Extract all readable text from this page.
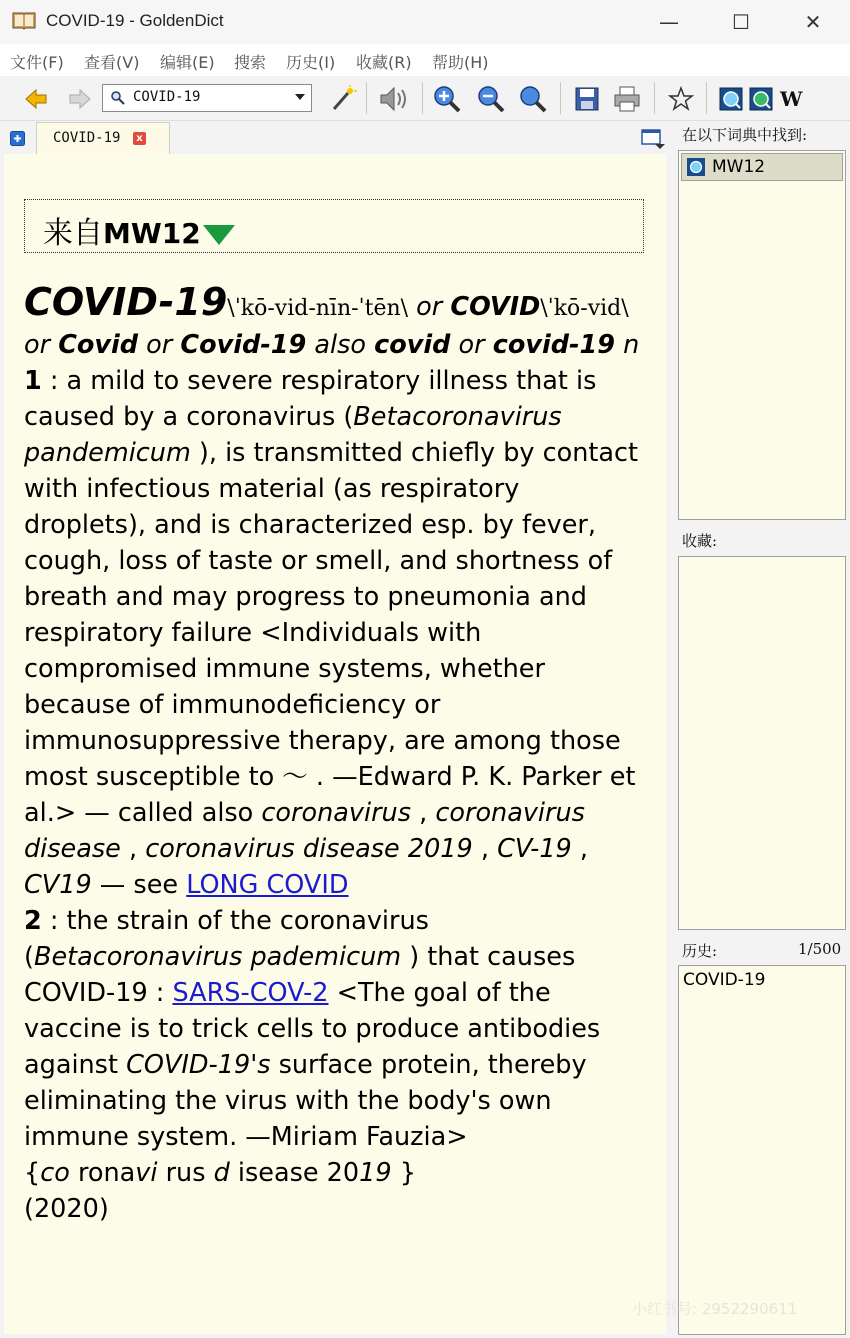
COVID-19 - GoldenDict	—	☐	✕
文件(F) 查看(V) 编辑(E) 搜索 历史(I) 收藏(R) 帮助(H)
COVID-19	W
COVID-19	x
来自MW12
COVID-19\ˈkō-vid-nīn-ˈtēn\ or COVID\ˈkō-vid\ or Covid or Covid-19 also covid or covid-19 n
1 : a mild to severe respiratory illness that is caused by a coronavirus (Betacoronavirus pandemicum ), is transmitted chiefly by contact with infectious material (as respiratory droplets), and is characterized esp. by fever, cough, loss of taste or smell, and shortness of breath and may progress to pneumonia and respiratory failure <Individuals with compromised immune systems, whether because of immunodeficiency or immunosuppressive therapy, are among those most susceptible to ～ . —Edward P. K. Parker et al.> — called also coronavirus , coronavirus disease , coronavirus disease 2019 , CV-19 , CV19 — see LONG COVID
2 : the strain of the coronavirus (Betacoronavirus pademicum ) that causes COVID-19 : SARS-COV-2 <The goal of the vaccine is to trick cells to produce antibodies against COVID-19's surface protein, thereby eliminating the virus with the body's own immune system. —Miriam Fauzia>
{co ronavi rus d isease 2019 }
(2020)
在以下词典中找到:
MW12
收藏:
历史:	1/500
COVID-19
小红书号: 2952290611
